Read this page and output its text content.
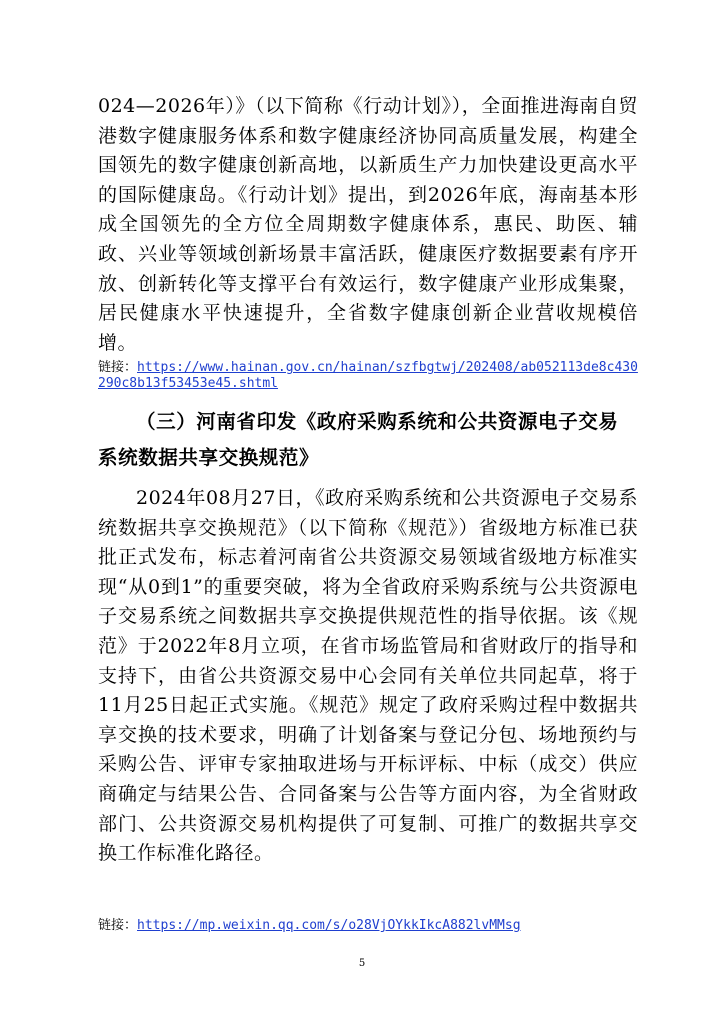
024—2026年）》（以下简称《行动计划》），全面推进海南自贸港数字健康服务体系和数字健康经济协同高质量发展，构建全国领先的数字健康创新高地，以新质生产力加快建设更高水平的国际健康岛。《行动计划》提出，到2026年底，海南基本形成全国领先的全方位全周期数字健康体系，惠民、助医、辅政、兴业等领域创新场景丰富活跃，健康医疗数据要素有序开放、创新转化等支撑平台有效运行，数字健康产业形成集聚，居民健康水平快速提升，全省数字健康创新企业营收规模倍增。

链接：https://www.hainan.gov.cn/hainan/szfbgtwj/202408/ab052113de8c430290c8b13f53453e45.shtml

（三）河南省印发《政府采购系统和公共资源电子交易系统数据共享交换规范》

2024年08月27日，《政府采购系统和公共资源电子交易系统数据共享交换规范》（以下简称《规范》）省级地方标准已获批正式发布，标志着河南省公共资源交易领域省级地方标准实现“从0到1”的重要突破，将为全省政府采购系统与公共资源电子交易系统之间数据共享交换提供规范性的指导依据。该《规范》于2022年8月立项，在省市场监管局和省财政厅的指导和支持下，由省公共资源交易中心会同有关单位共同起草，将于11月25日起正式实施。《规范》规定了政府采购过程中数据共享交换的技术要求，明确了计划备案与登记分包、场地预约与采购公告、评审专家抽取进场与开标评标、中标（成交）供应商确定与结果公告、合同备案与公告等方面内容，为全省财政部门、公共资源交易机构提供了可复制、可推广的数据共享交换工作标准化路径。

链接：https://mp.weixin.qq.com/s/o28VjOYkkIkcA882lvMMsg

5
